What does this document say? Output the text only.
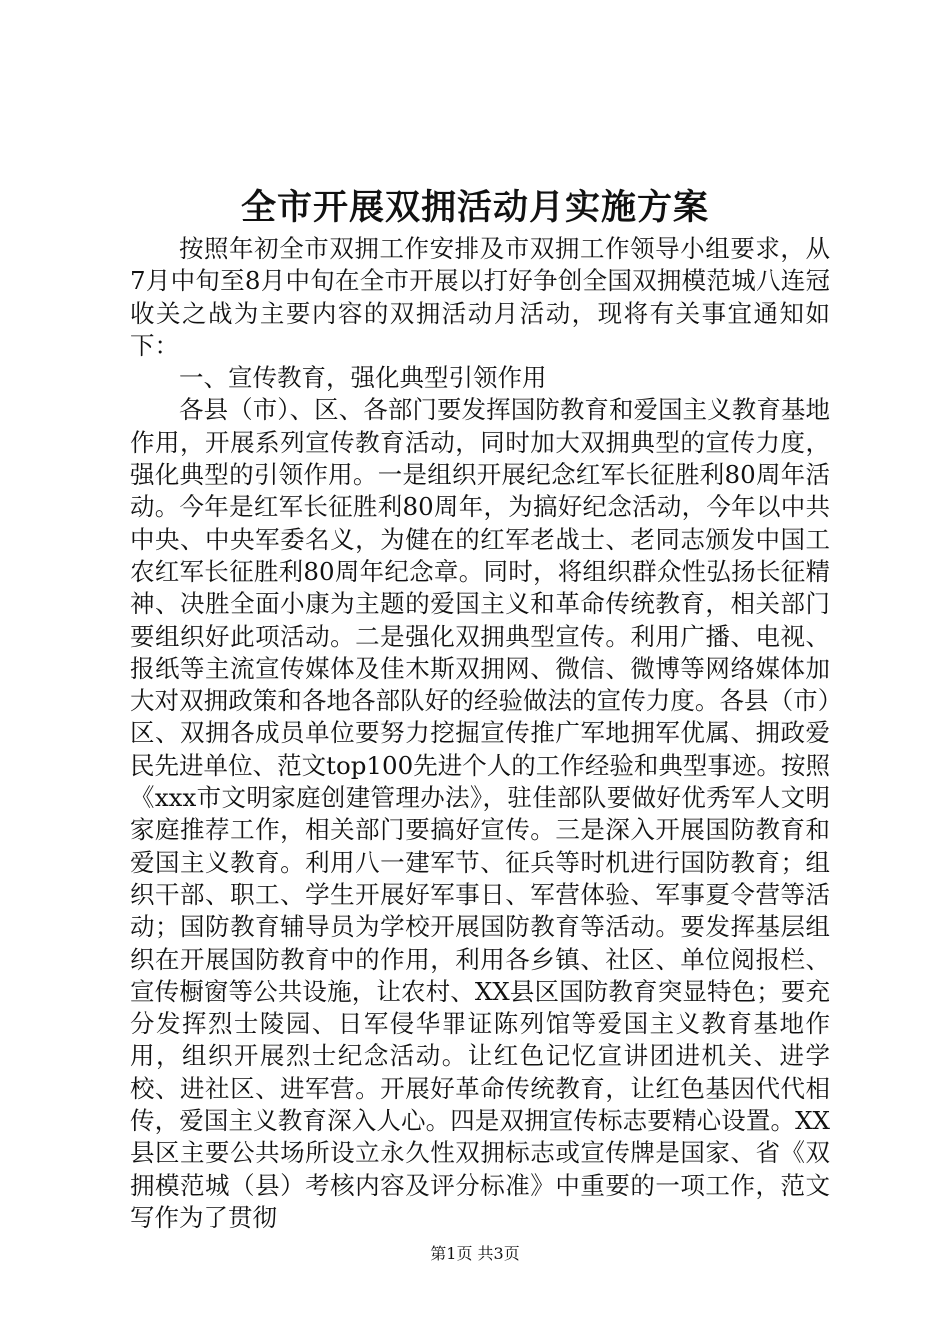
全市开展双拥活动月实施方案

按照年初全市双拥工作安排及市双拥工作领导小组要求，从7月中旬至8月中旬在全市开展以打好争创全国双拥模范城八连冠收关之战为主要内容的双拥活动月活动，现将有关事宜通知如下：

一、宣传教育，强化典型引领作用

各县（市）、区、各部门要发挥国防教育和爱国主义教育基地作用，开展系列宣传教育活动，同时加大双拥典型的宣传力度，强化典型的引领作用。一是组织开展纪念红军长征胜利80周年活动。今年是红军长征胜利80周年，为搞好纪念活动，今年以中共中央、中央军委名义，为健在的红军老战士、老同志颁发中国工农红军长征胜利80周年纪念章。同时，将组织群众性弘扬长征精神、决胜全面小康为主题的爱国主义和革命传统教育，相关部门要组织好此项活动。二是强化双拥典型宣传。利用广播、电视、报纸等主流宣传媒体及佳木斯双拥网、微信、微博等网络媒体加大对双拥政策和各地各部队好的经验做法的宣传力度。各县（市）区、双拥各成员单位要努力挖掘宣传推广军地拥军优属、拥政爱民先进单位、范文top100先进个人的工作经验和典型事迹。按照《xxx市文明家庭创建管理办法》，驻佳部队要做好优秀军人文明家庭推荐工作，相关部门要搞好宣传。三是深入开展国防教育和爱国主义教育。利用八一建军节、征兵等时机进行国防教育；组织干部、职工、学生开展好军事日、军营体验、军事夏令营等活动；国防教育辅导员为学校开展国防教育等活动。要发挥基层组织在开展国防教育中的作用，利用各乡镇、社区、单位阅报栏、宣传橱窗等公共设施，让农村、XX县区国防教育突显特色；要充分发挥烈士陵园、日军侵华罪证陈列馆等爱国主义教育基地作用，组织开展烈士纪念活动。让红色记忆宣讲团进机关、进学校、进社区、进军营。开展好革命传统教育，让红色基因代代相传，爱国主义教育深入人心。四是双拥宣传标志要精心设置。XX县区主要公共场所设立永久性双拥标志或宣传牌是国家、省《双拥模范城（县）考核内容及评分标准》中重要的一项工作，范文写作为了贯彻

第1页 共3页
